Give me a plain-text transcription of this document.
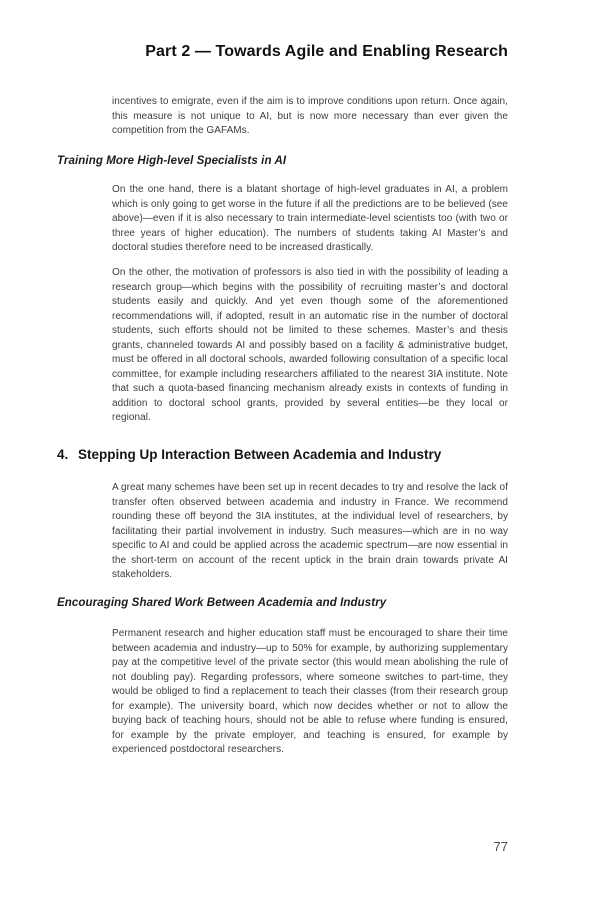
Part 2 — Towards Agile and Enabling Research

incentives to emigrate, even if the aim is to improve conditions upon return. Once again, this measure is not unique to AI, but is now more necessary than ever given the competition from the GAFAMs.

Training More High-level Specialists in AI

On the one hand, there is a blatant shortage of high-level graduates in AI, a problem which is only going to get worse in the future if all the predictions are to be believed (see above)—even if it is also necessary to train intermediate-level scientists too (with two or three years of higher education). The numbers of students taking AI Master’s and doctoral studies therefore need to be increased drastically.

On the other, the motivation of professors is also tied in with the possibility of leading a research group—which begins with the possibility of recruiting master’s and doctoral students easily and quickly. And yet even though some of the aforementioned recommendations will, if adopted, result in an automatic rise in the number of doctoral students, such efforts should not be limited to these schemes. Master’s and thesis grants, channeled towards AI and possibly based on a facility & administrative budget, must be offered in all doctoral schools, awarded following consultation of a specific local committee, for example including researchers affiliated to the nearest 3IA institute. Note that such a quota-based financing mechanism already exists in contexts of funding in addition to doctoral school grants, provided by several entities—be they local or regional.

4. Stepping Up Interaction Between Academia and Industry

A great many schemes have been set up in recent decades to try and resolve the lack of transfer often observed between academia and industry in France. We recommend rounding these off beyond the 3IA institutes, at the individual level of researchers, by facilitating their partial involvement in industry. Such measures—which are in no way specific to AI and could be applied across the academic spectrum—are now essential in the short-term on account of the recent uptick in the brain drain towards private AI stakeholders.

Encouraging Shared Work Between Academia and Industry

Permanent research and higher education staff must be encouraged to share their time between academia and industry—up to 50% for example, by authorizing supplementary pay at the competitive level of the private sector (this would mean abolishing the rule of not doubling pay). Regarding professors, where someone switches to part-time, they would be obliged to find a replacement to teach their classes (from their research group for example). The university board, which now decides whether or not to allow the buying back of teaching hours, should not be able to refuse where funding is ensured, for example by the private employer, and teaching is ensured, for example by experienced postdoctoral researchers.

77
